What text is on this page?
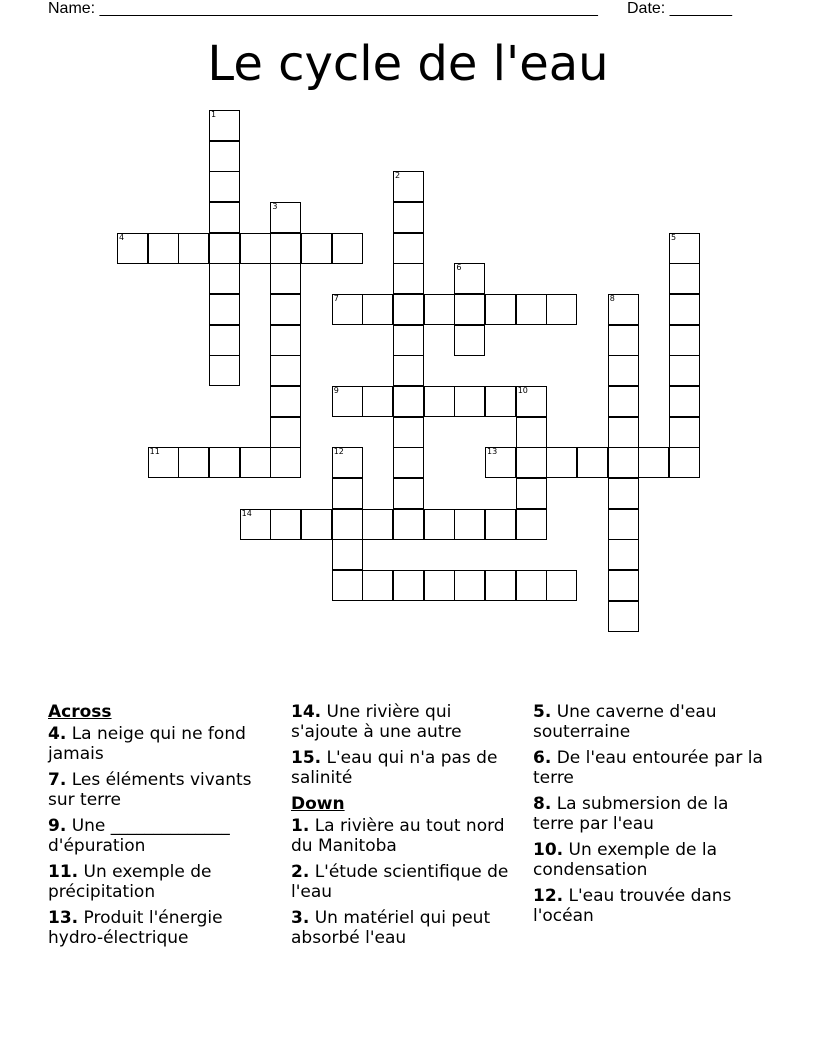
Name: ________________________________________________________ Date: _______
Le cycle de l'eau
1
2
3
4	5
6
7	8
9	10
11	12	13
14
Across
4. La neige qui ne fond jamais
7. Les éléments vivants sur terre
9. Une ______________ d'épuration
11. Un exemple de précipitation
13. Produit l'énergie hydro-électrique
14. Une rivière qui s'ajoute à une autre
15. L'eau qui n'a pas de salinité
Down
1. La rivière au tout nord du Manitoba
2. L'étude scientifique de l'eau
3. Un matériel qui peut absorbé l'eau
5. Une caverne d'eau souterraine
6. De l'eau entourée par la terre
8. La submersion de la terre par l'eau
10. Un exemple de la condensation
12. L'eau trouvée dans l'océan
